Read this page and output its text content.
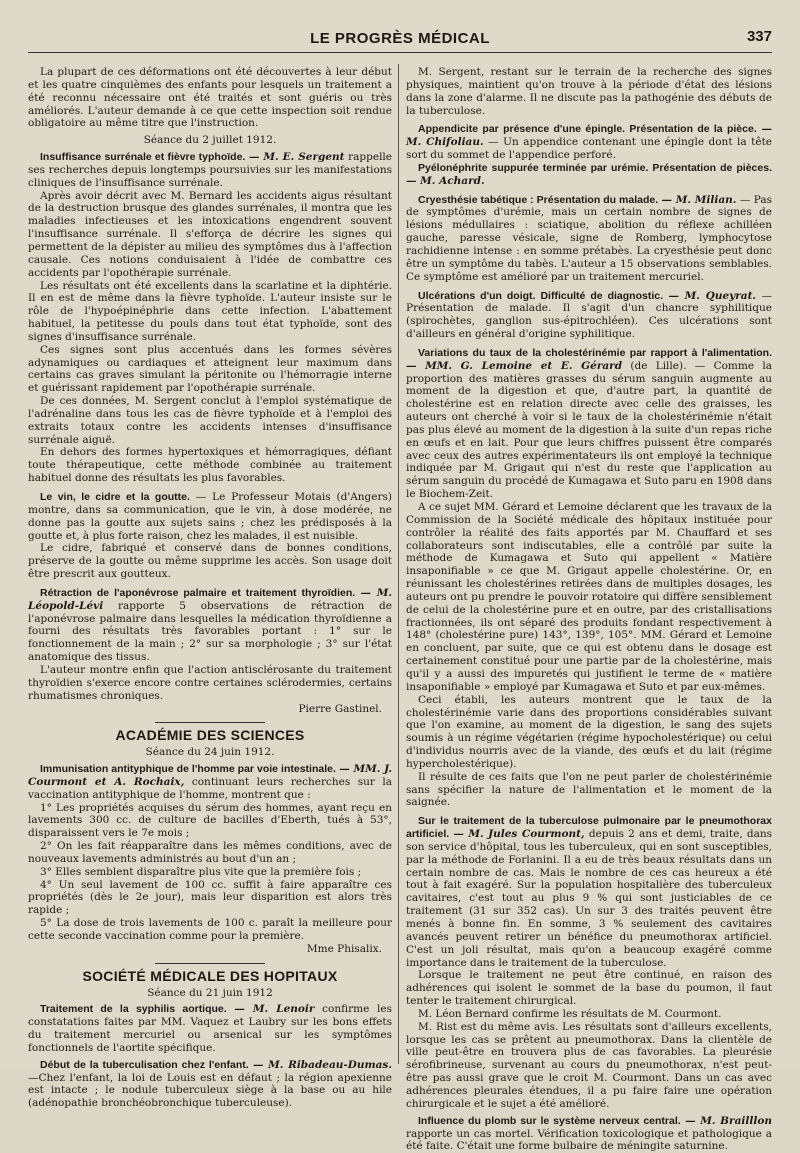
LE PROGRÈS MÉDICAL	337

La plupart de ces déformations ont été découvertes à leur début et les quatre cinquièmes des enfants pour lesquels un traitement a été reconnu nécessaire ont été traités et sont guéris ou très améliorés. L'auteur demande à ce que cette inspection soit rendue obligatoire au même titre que l'instruction.

Séance du 2 juillet 1912.

Insuffisance surrénale et fièvre typhoïde. — M. E. Sergent rappelle ses recherches depuis longtemps poursuivies sur les manifestations cliniques de l'insuffisance surrénale.

Après avoir décrit avec M. Bernard les accidents aigus résultant de la destruction brusque des glandes surrénales, il montra que les maladies infectieuses et les intoxications engendrent souvent l'insuffisance surrénale. Il s'efforça de décrire les signes qui permettent de la dépister au milieu des symptômes dus à l'affection causale. Ces notions conduisaient à l'idée de combattre ces accidents par l'opothérapie surrénale.

Les résultats ont été excellents dans la scarlatine et la diphtérie. Il en est de même dans la fièvre typhoïde. L'auteur insiste sur le rôle de l'hypoépinéphrie dans cette infection. L'abattement habituel, la petitesse du pouls dans tout état typhoïde, sont des signes d'insuffisance surrénale.

Ces signes sont plus accentués dans les formes sévères adynamiques ou cardiaques et atteignent leur maximum dans certains cas graves simulant la péritonite ou l'hémorragie interne et guérissant rapidement par l'opothérapie surrénale.

De ces données, M. Sergent conclut à l'emploi systématique de l'adrénaline dans tous les cas de fièvre typhoïde et à l'emploi des extraits totaux contre les accidents intenses d'insuffisance surrénale aiguë.

En dehors des formes hypertoxiques et hémorragiques, défiant toute thérapeutique, cette méthode combinée au traitement habituel donne des résultats les plus favorables.

Le vin, le cidre et la goutte. — Le Professeur Motais (d'Angers) montre, dans sa communication, que le vin, à dose modérée, ne donne pas la goutte aux sujets sains ; chez les prédisposés à la goutte et, à plus forte raison, chez les malades, il est nuisible.

Le cidre, fabriqué et conservé dans de bonnes conditions, préserve de la goutte ou même supprime les accès. Son usage doit être prescrit aux goutteux.

Rétraction de l'aponévrose palmaire et traitement thyroïdien. — M. Léopold-Lévi rapporte 5 observations de rétraction de l'aponévrose palmaire dans lesquelles la médication thyroïdienne a fourni des résultats très favorables portant : 1° sur le fonctionnement de la main ; 2° sur sa morphologie ; 3° sur l'état anatomique des tissus.

L'auteur montre enfin que l'action antisclérosante du traitement thyroïdien s'exerce encore contre certaines sclérodermies, certains rhumatismes chroniques.

Pierre Gastinel.

ACADÉMIE DES SCIENCES

Séance du 24 juin 1912.

Immunisation antityphique de l'homme par voie intestinale. — MM. J. Courmont et A. Rochaix, continuant leurs recherches sur la vaccination antityphique de l'homme, montrent que :

1° Les propriétés acquises du sérum des hommes, ayant reçu en lavements 300 cc. de culture de bacilles d'Eberth, tués à 53°, disparaissent vers le 7e mois ;

2° On les fait réapparaître dans les mêmes conditions, avec de nouveaux lavements administrés au bout d'un an ;

3° Elles semblent disparaître plus vite que la première fois ;

4° Un seul lavement de 100 cc. suffit à faire apparaître ces propriétés (dès le 2e jour), mais leur disparition est alors très rapide ;

5° La dose de trois lavements de 100 c. paraît la meilleure pour cette seconde vaccination comme pour la première.

Mme Phisalix.

SOCIÉTÉ MÉDICALE DES HOPITAUX

Séance du 21 juin 1912

Traitement de la syphilis aortique. — M. Lenoir confirme les constatations faites par MM. Vaquez et Laubry sur les bons effets du traitement mercuriel ou arsenical sur les symptômes fonctionnels de l'aortite spécifique.

Début de la tuberculisation chez l'enfant. — M. Ribadeau-Dumas. —Chez l'enfant, la loi de Louis est en défaut ; la région apexienne est intacte ; le nodule tuberculeux siège à la base ou au hile (adénopathie bronchéobronchique tuberculeuse).

M. Sergent, restant sur le terrain de la recherche des signes physiques, maintient qu'on trouve à la période d'état des lésions dans la zone d'alarme. Il ne discute pas la pathogénie des débuts de la tuberculose.

Appendicite par présence d'une épingle. Présentation de la pièce. — M. Chifoliau. — Un appendice contenant une épingle dont la tête sort du sommet de l'appendice perforé.

Pyélonéphrite suppurée terminée par urémie. Présentation de pièces. — M. Achard.

Cryesthésie tabétique : Présentation du malade. — M. Milian. — Pas de symptômes d'urémie, mais un certain nombre de signes de lésions médullaires : sciatique, abolition du réflexe achilléen gauche, paresse vésicale, signe de Romberg, lymphocytose rachidienne intense : en somme prétabès. La cryesthésie peut donc être un symptôme du tabès. L'auteur a 15 observations semblables. Ce symptôme est amélioré par un traitement mercuriel.

Ulcérations d'un doigt. Difficulté de diagnostic. — M. Queyrat. — Présentation de malade. Il s'agit d'un chancre syphilitique (spirochètes, ganglion sus-épitrochléen). Ces ulcérations sont d'ailleurs en général d'origine syphilitique.

Variations du taux de la cholestérinémie par rapport à l'alimentation. — MM. G. Lemoine et E. Gérard (de Lille). — Comme la proportion des matières grasses du sérum sanguin augmente au moment de la digestion et que, d'autre part, la quantité de cholestérine est en relation directe avec celle des graisses, les auteurs ont cherché à voir si le taux de la cholestérinémie n'était pas plus élevé au moment de la digestion à la suite d'un repas riche en œufs et en lait. Pour que leurs chiffres puissent être comparés avec ceux des autres expérimentateurs ils ont employé la technique indiquée par M. Grigaut qui n'est du reste que l'application au sérum sanguin du procédé de Kumagawa et Suto paru en 1908 dans le Biochem-Zeit.

A ce sujet MM. Gérard et Lemoine déclarent que les travaux de la Commission de la Société médicale des hôpitaux instituée pour contrôler la réalité des faits apportés par M. Chauffard et ses collaborateurs sont indiscutables, elle a contrôlé par suite la méthode de Kumagawa et Suto qui appellent « Matière insaponifiable » ce que M. Grigaut appelle cholestérine. Or, en réunissant les cholestérines retirées dans de multiples dosages, les auteurs ont pu prendre le pouvoir rotatoire qui diffère sensiblement de celui de la cholestérine pure et en outre, par des cristallisations fractionnées, ils ont séparé des produits fondant respectivement à 148° (cholestérine pure) 143°, 139°, 105°. MM. Gérard et Lemoine en concluent, par suite, que ce qui est obtenu dans le dosage est certainement constitué pour une partie par de la cholestérine, mais qu'il y a aussi des impuretés qui justifient le terme de « matière insaponifiable » employé par Kumagawa et Suto et par eux-mêmes.

Ceci établi, les auteurs montrent que le taux de la cholestérinémie varie dans des proportions considérables suivant que l'on examine, au moment de la digestion, le sang des sujets soumis à un régime végétarien (régime hypocholestérique) ou celui d'individus nourris avec de la viande, des œufs et du lait (régime hypercholestérique).

Il résulte de ces faits que l'on ne peut parler de cholestérinémie sans spécifier la nature de l'alimentation et le moment de la saignée.

Sur le traitement de la tuberculose pulmonaire par le pneumothorax artificiel. — M. Jules Courmont, depuis 2 ans et demi, traite, dans son service d'hôpital, tous les tuberculeux, qui en sont susceptibles, par la méthode de Forlanini. Il a eu de très beaux résultats dans un certain nombre de cas. Mais le nombre de ces cas heureux a été tout à fait exagéré. Sur la population hospitalière des tuberculeux cavitaires, c'est tout au plus 9 % qui sont justiciables de ce traitement (31 sur 352 cas). Un sur 3 des traités peuvent être menés à bonne fin. En somme, 3 % seulement des cavitaires avancés peuvent retirer un bénéfice du pneumothorax artificiel. C'est un joli résultat, mais qu'on a beaucoup exagéré comme importance dans le traitement de la tuberculose.

Lorsque le traitement ne peut être continué, en raison des adhérences qui isolent le sommet de la base du poumon, il faut tenter le traitement chirurgical.

M. Léon Bernard confirme les résultats de M. Courmont.

M. Rist est du même avis. Les résultats sont d'ailleurs excellents, lorsque les cas se prêtent au pneumothorax. Dans la clientèle de ville peut-être en trouvera plus de cas favorables. La pleurésie sérofibrineuse, survenant au cours du pneumothorax, n'est peut-être pas aussi grave que le croit M. Courmont. Dans un cas avec adhérences pleurales étendues, il a pu faire faire une opération chirurgicale et le sujet a été amélioré.

Influence du plomb sur le système nerveux central. — M. Brailllon rapporte un cas mortel. Vérification toxicologique et pathologique a été faite. C'était une forme bulbaire de méningite saturnine.
